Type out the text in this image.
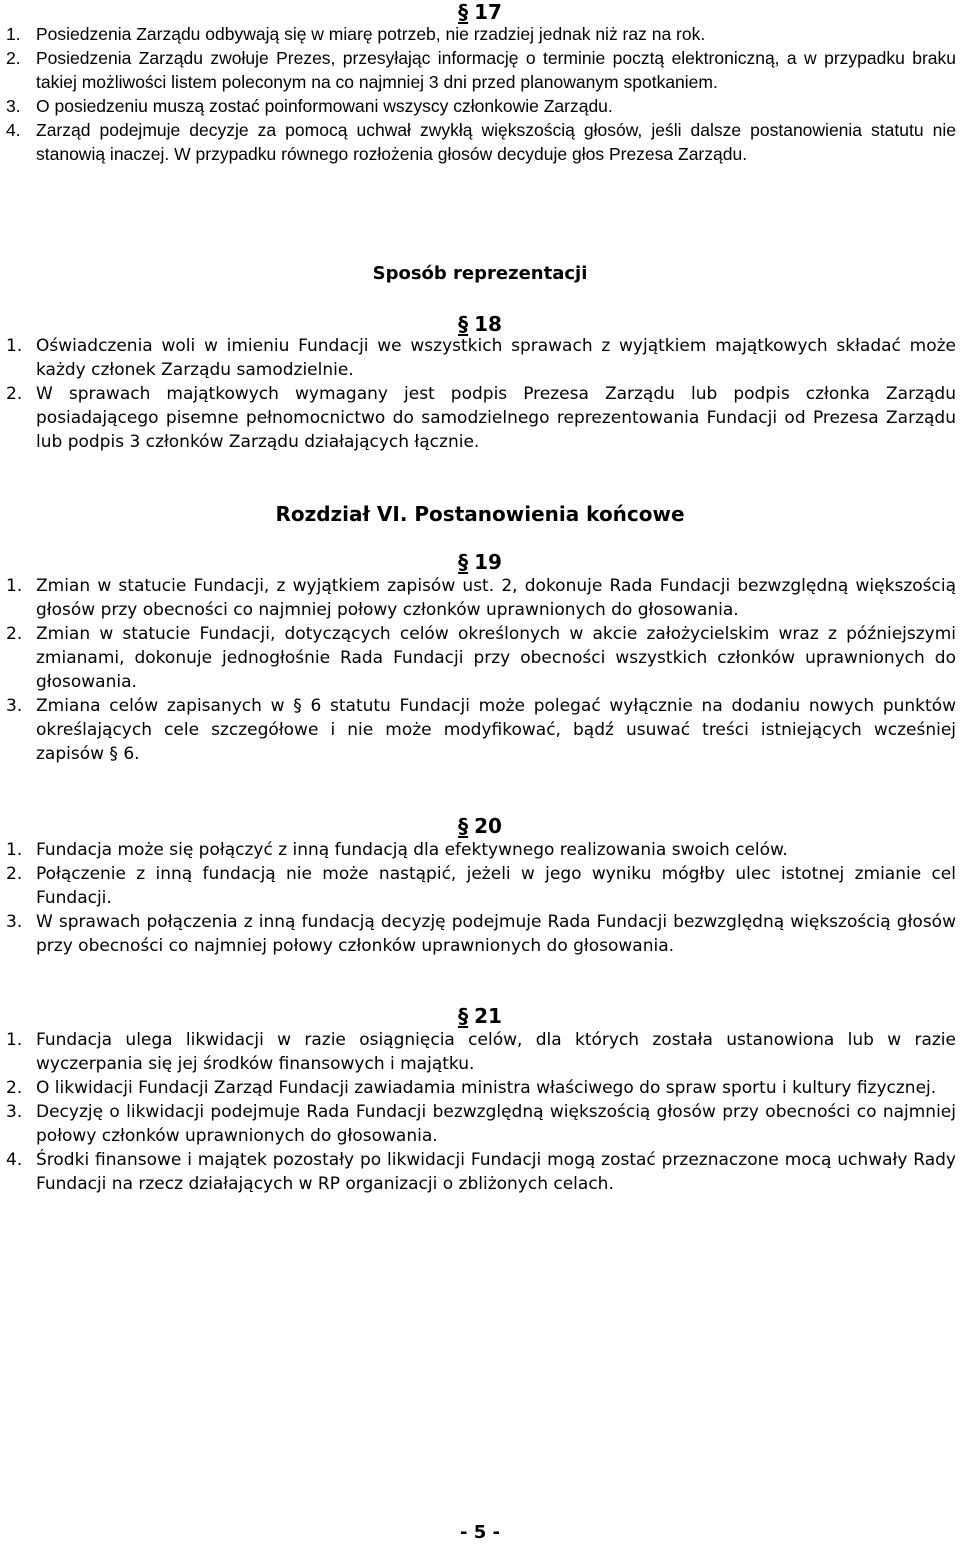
§ 17
1. Posiedzenia Zarządu odbywają się w miarę potrzeb, nie rzadziej jednak niż raz na rok.
2. Posiedzenia Zarządu zwołuje Prezes, przesyłając informację o terminie pocztą elektroniczną, a w przypadku braku takiej możliwości listem poleconym na co najmniej 3 dni przed planowanym spotkaniem.
3. O posiedzeniu muszą zostać poinformowani wszyscy członkowie Zarządu.
4. Zarząd podejmuje decyzje za pomocą uchwał zwykłą większością głosów, jeśli dalsze postanowienia statutu nie stanowią inaczej. W przypadku równego rozłożenia głosów decyduje głos Prezesa Zarządu.
Sposób reprezentacji
§ 18
1. Oświadczenia woli w imieniu Fundacji we wszystkich sprawach z wyjątkiem majątkowych składać może każdy członek Zarządu samodzielnie.
2. W sprawach majątkowych wymagany jest podpis Prezesa Zarządu lub podpis członka Zarządu posiadającego pisemne pełnomocnictwo do samodzielnego reprezentowania Fundacji od Prezesa Zarządu lub podpis 3 członków Zarządu działających łącznie.
Rozdział VI. Postanowienia końcowe
§ 19
1. Zmian w statucie Fundacji, z wyjątkiem zapisów ust. 2, dokonuje Rada Fundacji bezwzględną większością głosów przy obecności co najmniej połowy członków uprawnionych do głosowania.
2. Zmian w statucie Fundacji, dotyczących celów określonych w akcie założycielskim wraz z późniejszymi zmianami, dokonuje jednogłośnie Rada Fundacji przy obecności wszystkich członków uprawnionych do głosowania.
3. Zmiana celów zapisanych w § 6 statutu Fundacji może polegać wyłącznie na dodaniu nowych punktów określających cele szczegółowe i nie może modyfikować, bądź usuwać treści istniejących wcześniej zapisów § 6.
§ 20
1. Fundacja może się połączyć z inną fundacją dla efektywnego realizowania swoich celów.
2. Połączenie z inną fundacją nie może nastąpić, jeżeli w jego wyniku mógłby ulec istotnej zmianie cel Fundacji.
3. W sprawach połączenia z inną fundacją decyzję podejmuje Rada Fundacji bezwzględną większością głosów przy obecności co najmniej połowy członków uprawnionych do głosowania.
§ 21
1. Fundacja ulega likwidacji w razie osiągnięcia celów, dla których została ustanowiona lub w razie wyczerpania się jej środków finansowych i majątku.
2. O likwidacji Fundacji Zarząd Fundacji zawiadamia ministra właściwego do spraw sportu i kultury fizycznej.
3. Decyzję o likwidacji podejmuje Rada Fundacji bezwzględną większością głosów przy obecności co najmniej połowy członków uprawnionych do głosowania.
4. Środki finansowe i majątek pozostały po likwidacji Fundacji mogą zostać przeznaczone mocą uchwały Rady Fundacji na rzecz działających w RP organizacji o zbliżonych celach.
- 5 -
